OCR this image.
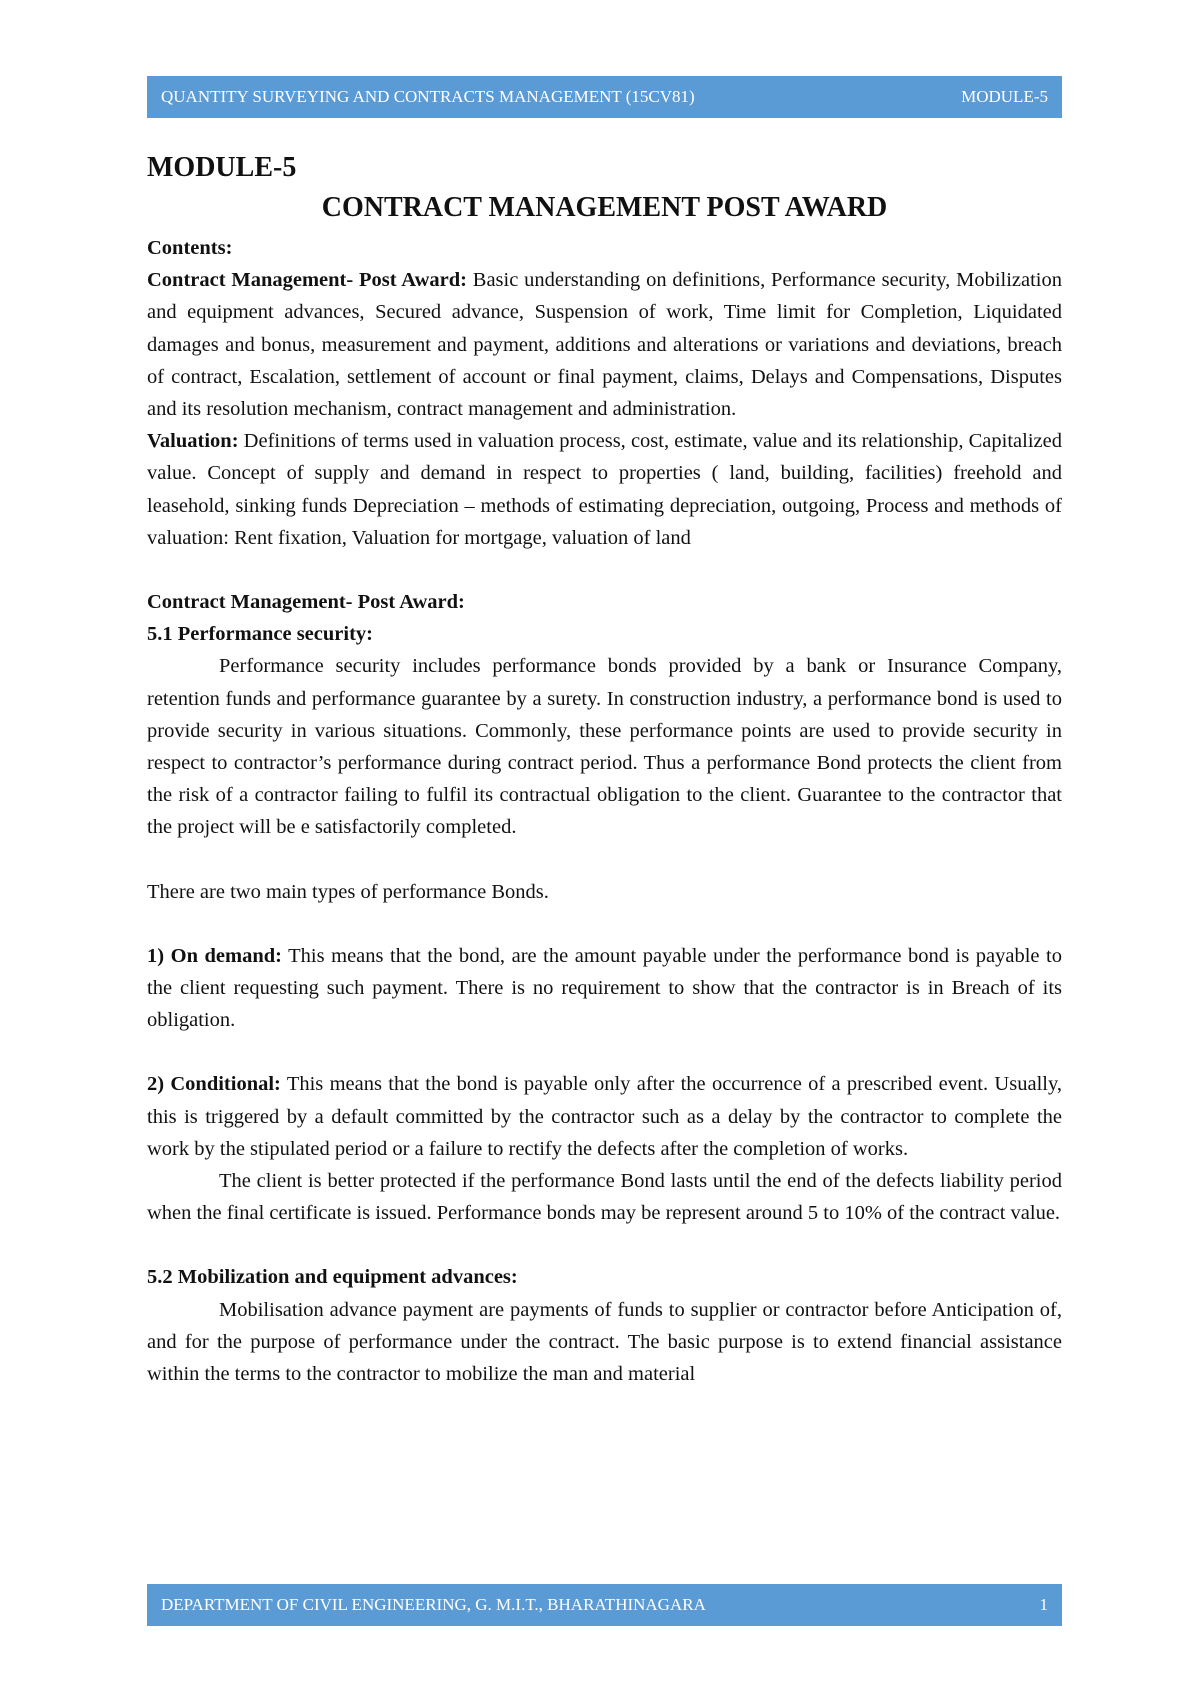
QUANTITY SURVEYING AND CONTRACTS MANAGEMENT (15CV81)	MODULE-5
MODULE-5
CONTRACT MANAGEMENT POST AWARD

Contents:

Contract Management- Post Award: Basic understanding on definitions, Performance security, Mobilization and equipment advances, Secured advance, Suspension of work, Time limit for Completion, Liquidated damages and bonus, measurement and payment, additions and alterations or variations and deviations, breach of contract, Escalation, settlement of account or final payment, claims, Delays and Compensations, Disputes and its resolution mechanism, contract management and administration.

Valuation: Definitions of terms used in valuation process, cost, estimate, value and its relationship, Capitalized value. Concept of supply and demand in respect to properties ( land, building, facilities) freehold and leasehold, sinking funds Depreciation – methods of estimating depreciation, outgoing, Process and methods of valuation: Rent fixation, Valuation for mortgage, valuation of land

Contract Management- Post Award:

5.1 Performance security:

Performance security includes performance bonds provided by a bank or Insurance Company, retention funds and performance guarantee by a surety. In construction industry, a performance bond is used to provide security in various situations. Commonly, these performance points are used to provide security in respect to contractor’s performance during contract period. Thus a performance Bond protects the client from the risk of a contractor failing to fulfil its contractual obligation to the client. Guarantee to the contractor that the project will be e satisfactorily completed.

There are two main types of performance Bonds.

1) On demand: This means that the bond, are the amount payable under the performance bond is payable to the client requesting such payment. There is no requirement to show that the contractor is in Breach of its obligation.

2) Conditional: This means that the bond is payable only after the occurrence of a prescribed event. Usually, this is triggered by a default committed by the contractor such as a delay by the contractor to complete the work by the stipulated period or a failure to rectify the defects after the completion of works.

The client is better protected if the performance Bond lasts until the end of the defects liability period when the final certificate is issued. Performance bonds may be represent around 5 to 10% of the contract value.

5.2 Mobilization and equipment advances:

Mobilisation advance payment are payments of funds to supplier or contractor before Anticipation of, and for the purpose of performance under the contract. The basic purpose is to extend financial assistance within the terms to the contractor to mobilize the man and material

DEPARTMENT OF CIVIL ENGINEERING, G. M.I.T., BHARATHINAGARA	1
